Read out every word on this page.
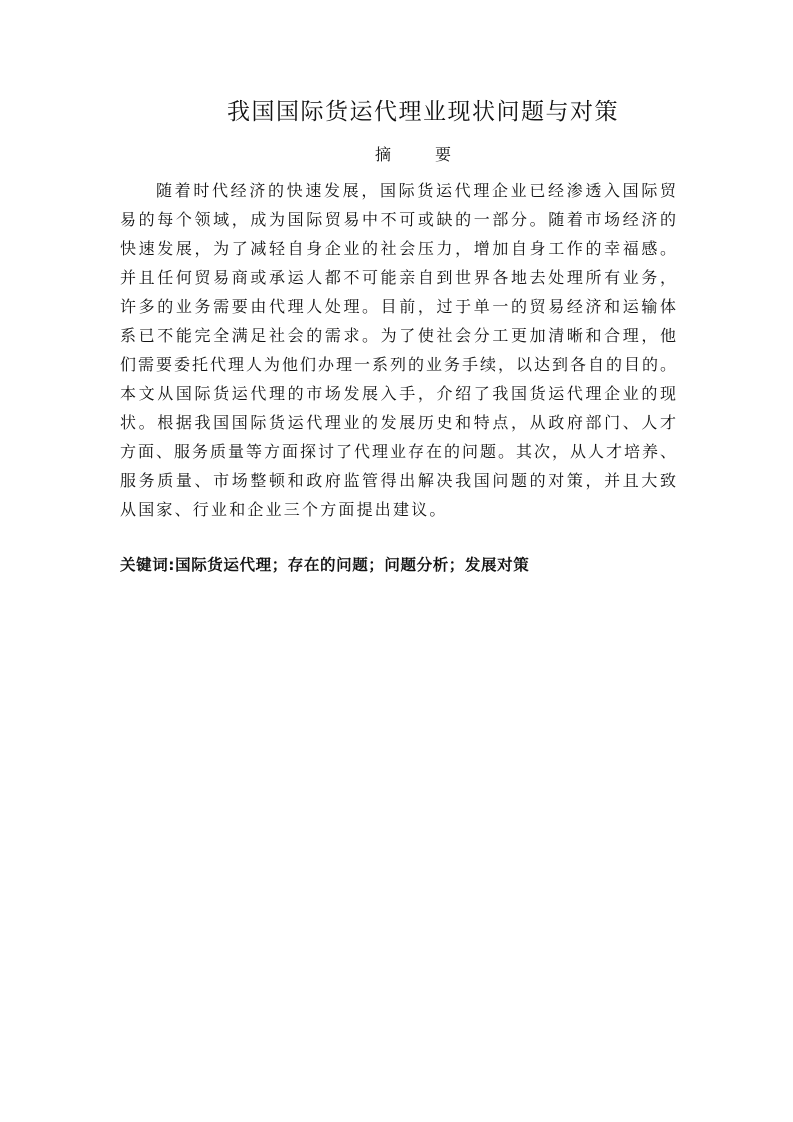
我国国际货运代理业现状问题与对策
摘	要
随着时代经济的快速发展，国际货运代理企业已经渗透入国际贸
易的每个领域，成为国际贸易中不可或缺的一部分。随着市场经济的
快速发展，为了减轻自身企业的社会压力，增加自身工作的幸福感。
并且任何贸易商或承运人都不可能亲自到世界各地去处理所有业务，
许多的业务需要由代理人处理。目前，过于单一的贸易经济和运输体
系已不能完全满足社会的需求。为了使社会分工更加清晰和合理，他
们需要委托代理人为他们办理一系列的业务手续，以达到各自的目的。
本文从国际货运代理的市场发展入手，介绍了我国货运代理企业的现
状。根据我国国际货运代理业的发展历史和特点，从政府部门、人才
方面、服务质量等方面探讨了代理业存在的问题。其次，从人才培养、
服务质量、市场整顿和政府监管得出解决我国问题的对策，并且大致
从国家、行业和企业三个方面提出建议。
关键词:国际货运代理；存在的问题；问题分析；发展对策
